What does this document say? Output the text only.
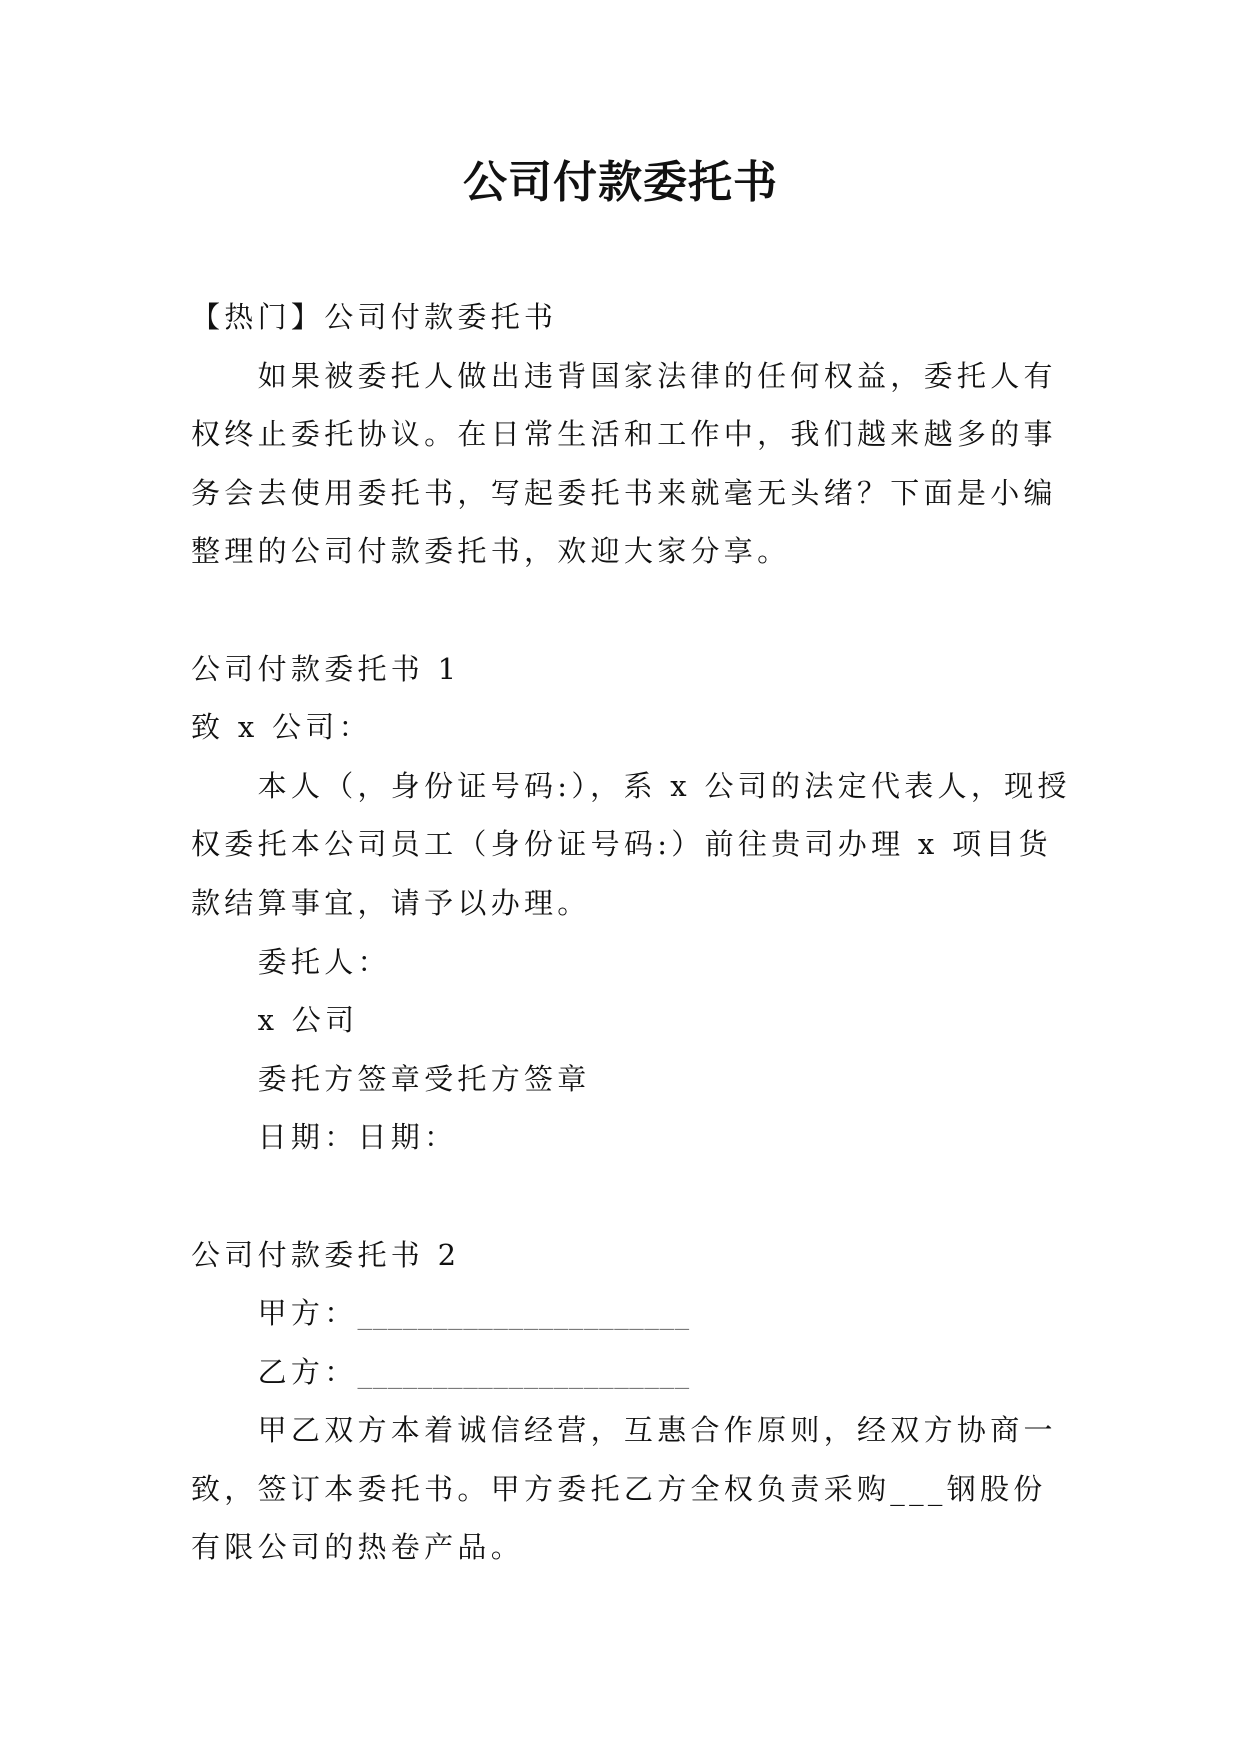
公司付款委托书
【热门】公司付款委托书
如果被委托人做出违背国家法律的任何权益，委托人有
权终止委托协议。在日常生活和工作中，我们越来越多的事
务会去使用委托书，写起委托书来就毫无头绪？下面是小编
整理的公司付款委托书，欢迎大家分享。
公司付款委托书 1
致 x 公司：
本人（，身份证号码:），系 x 公司的法定代表人，现授
权委托本公司员工（身份证号码:）前往贵司办理 x 项目货
款结算事宜，请予以办理。
委托人：
x 公司
委托方签章受托方签章
日期：日期：
公司付款委托书 2
甲方：______________________
乙方：______________________
甲乙双方本着诚信经营，互惠合作原则，经双方协商一
致，签订本委托书。甲方委托乙方全权负责采购___钢股份
有限公司的热卷产品。
